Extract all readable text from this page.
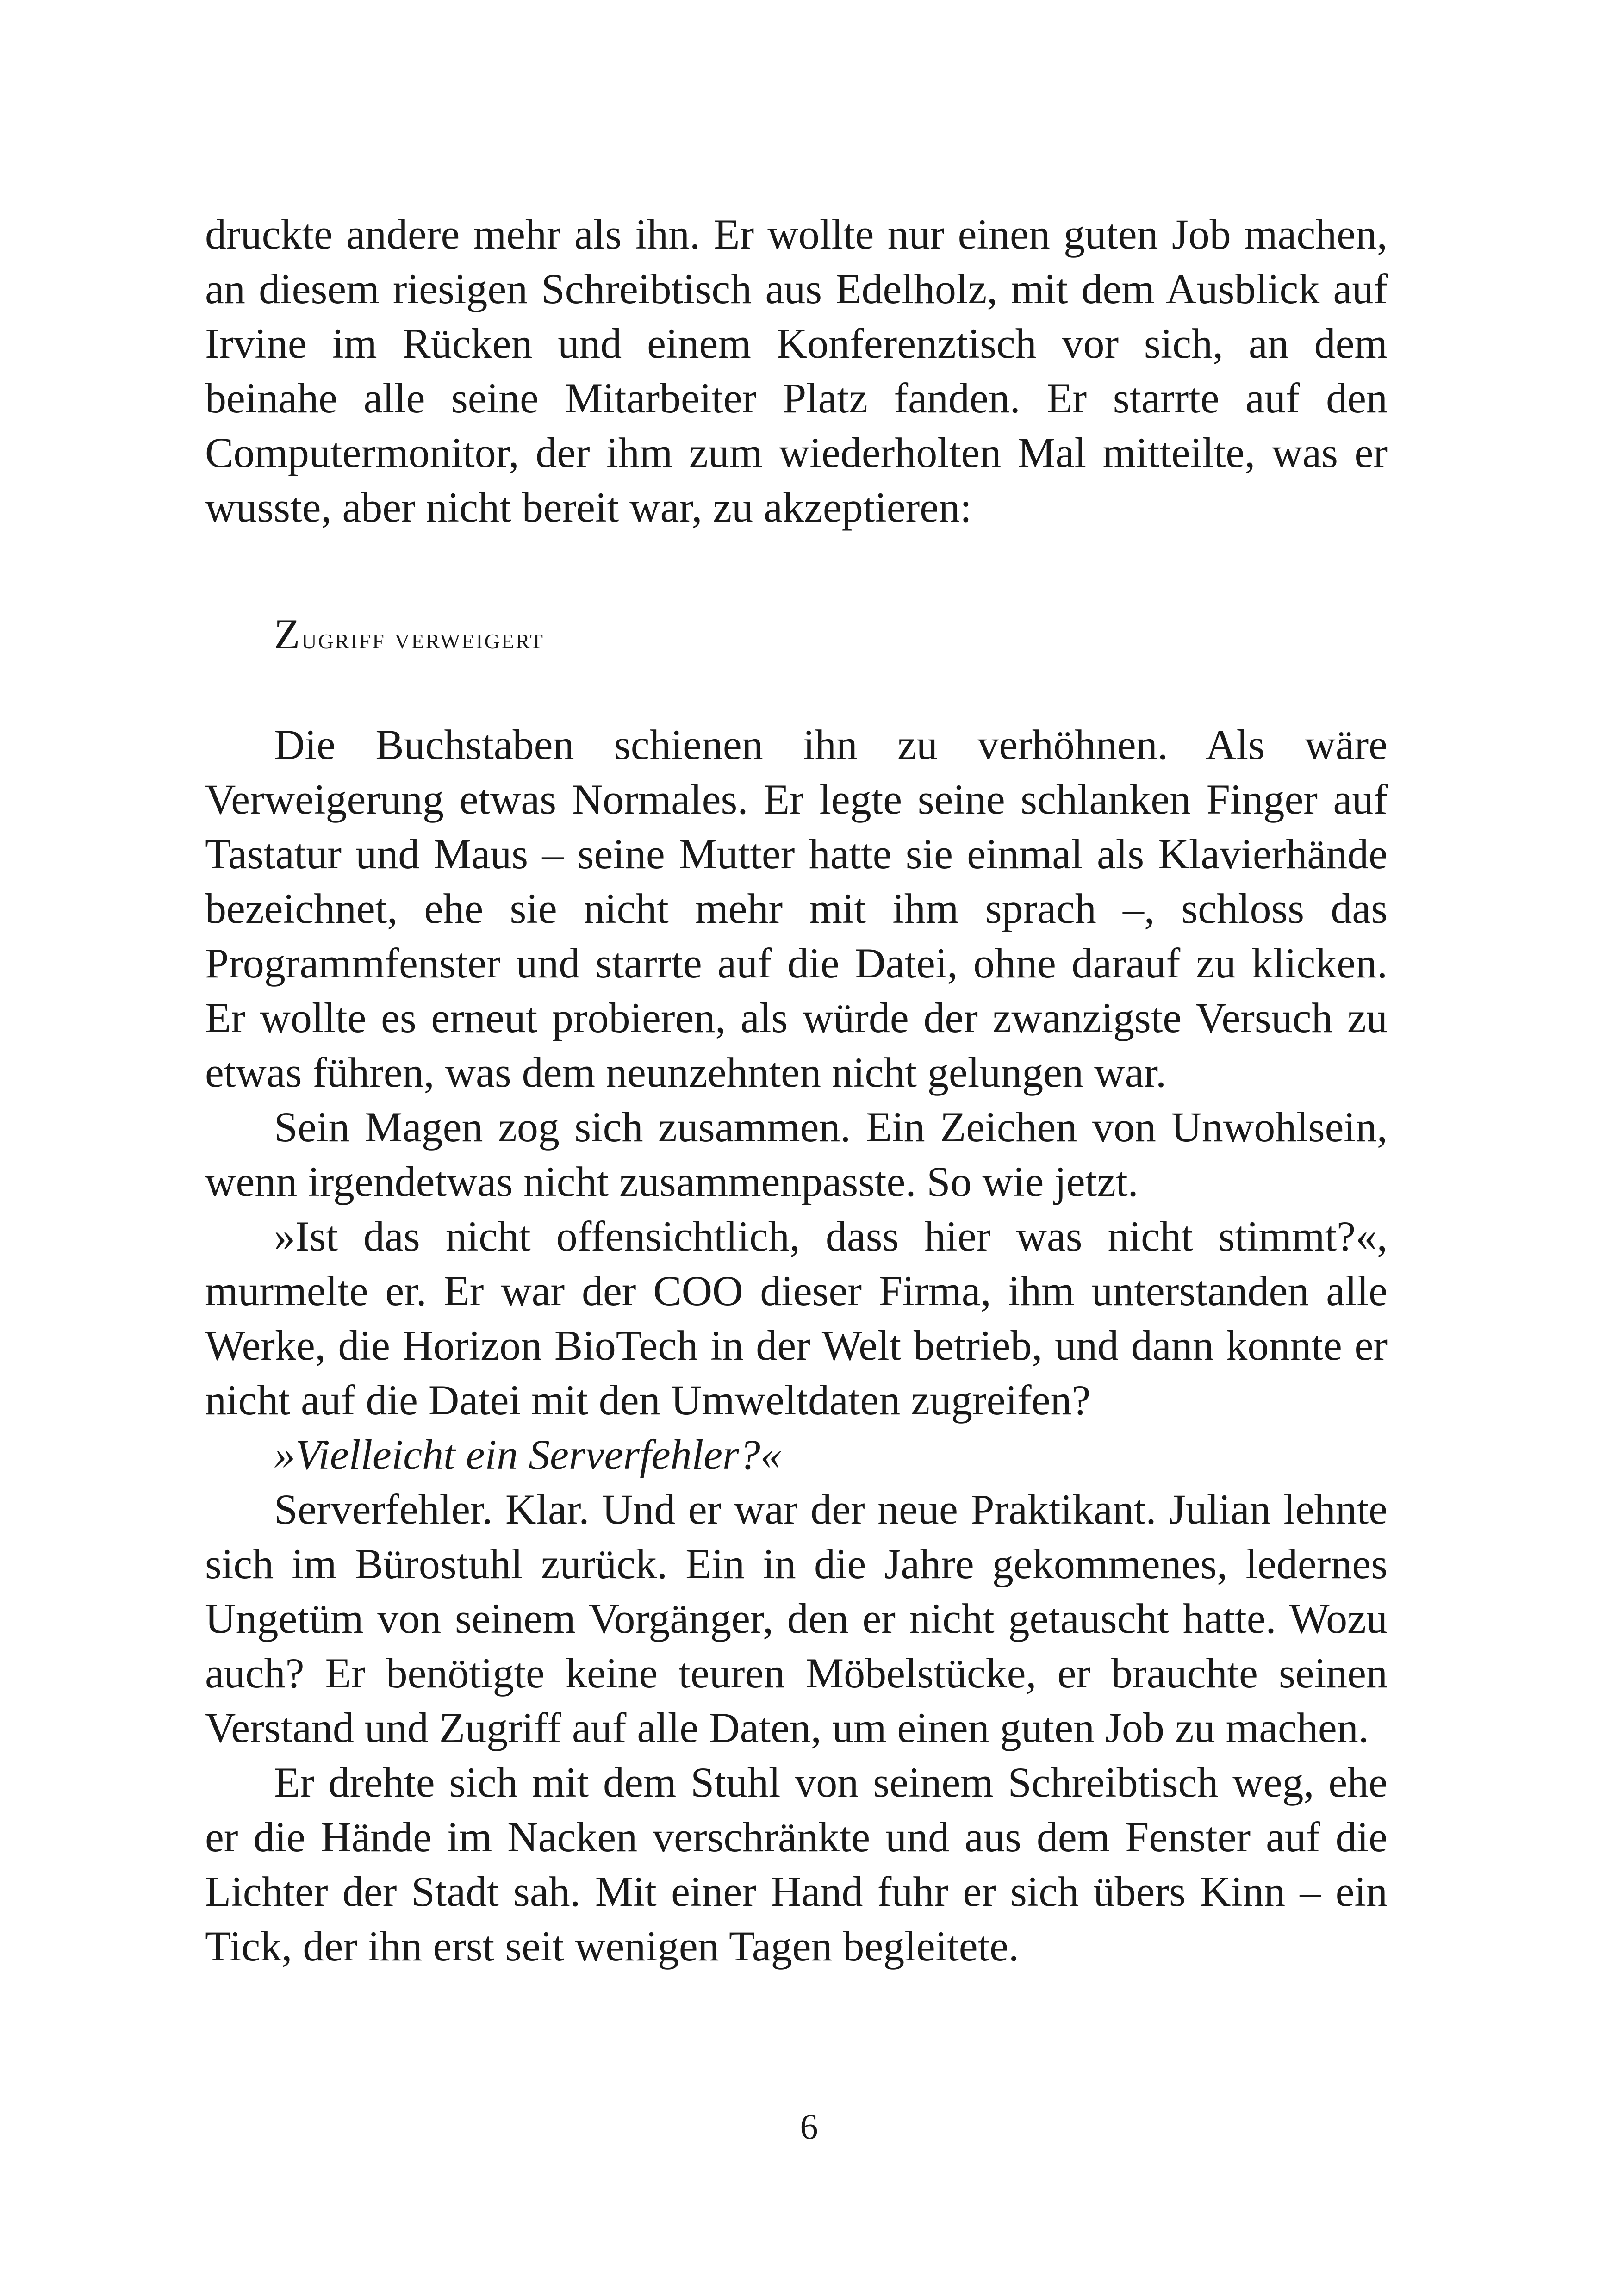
druckte andere mehr als ihn. Er wollte nur einen guten Job machen, an diesem riesigen Schreibtisch aus Edelholz, mit dem Ausblick auf Irvine im Rücken und einem Konferenztisch vor sich, an dem beinahe alle seine Mitarbeiter Platz fanden. Er starrte auf den Computermonitor, der ihm zum wiederholten Mal mitteilte, was er wusste, aber nicht bereit war, zu akzeptieren:

Zugriff verweigert

Die Buchstaben schienen ihn zu verhöhnen. Als wäre Verweigerung etwas Normales. Er legte seine schlanken Finger auf Tastatur und Maus – seine Mutter hatte sie einmal als Klavierhände bezeichnet, ehe sie nicht mehr mit ihm sprach –, schloss das Programmfenster und starrte auf die Datei, ohne darauf zu klicken. Er wollte es erneut probieren, als würde der zwanzigste Versuch zu etwas führen, was dem neunzehnten nicht gelungen war.

Sein Magen zog sich zusammen. Ein Zeichen von Unwohlsein, wenn irgendetwas nicht zusammenpasste. So wie jetzt.

»Ist das nicht offensichtlich, dass hier was nicht stimmt?«, murmelte er. Er war der COO dieser Firma, ihm unterstanden alle Werke, die Horizon BioTech in der Welt betrieb, und dann konnte er nicht auf die Datei mit den Umweltdaten zugreifen?

»Vielleicht ein Serverfehler?«

Serverfehler. Klar. Und er war der neue Praktikant. Julian lehnte sich im Bürostuhl zurück. Ein in die Jahre gekommenes, ledernes Ungetüm von seinem Vorgänger, den er nicht getauscht hatte. Wozu auch? Er benötigte keine teuren Möbelstücke, er brauchte seinen Verstand und Zugriff auf alle Daten, um einen guten Job zu machen.

Er drehte sich mit dem Stuhl von seinem Schreibtisch weg, ehe er die Hände im Nacken verschränkte und aus dem Fenster auf die Lichter der Stadt sah. Mit einer Hand fuhr er sich übers Kinn – ein Tick, der ihn erst seit wenigen Tagen begleitete.

6
